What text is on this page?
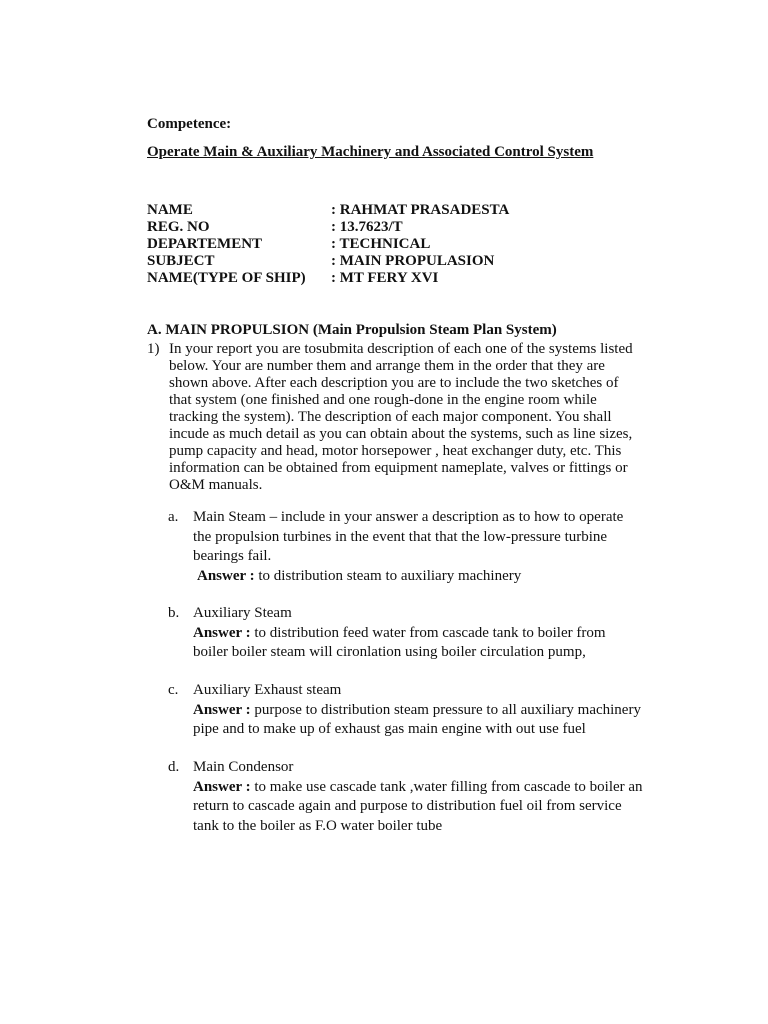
Competence:
Operate Main & Auxiliary Machinery and Associated Control System
NAME	: RAHMAT PRASADESTA
REG. NO	: 13.7623/T
DEPARTEMENT	: TECHNICAL
SUBJECT	: MAIN PROPULASION
NAME(TYPE OF SHIP) : MT FERY XVI
A. MAIN PROPULSION (Main Propulsion Steam Plan System)
1) In your report you are tosubmita description of each one of the systems listed
below. Your are number them and arrange them in the order that they are
shown above. After each description you are to include the two sketches of
that system (one finished and one rough-done in the engine room while
tracking the system). The description of each major component. You shall
incude as much detail as you can obtain about the systems, such as line sizes,
pump capacity and head, motor horsepower , heat exchanger duty, etc. This
information can be obtained from equipment nameplate, valves or fittings or
O&M manuals.
a. Main Steam – include in your answer a description as to how to operate
the propulsion turbines in the event that that the low-pressure turbine
bearings fail.
Answer : to distribution steam to auxiliary machinery
b. Auxiliary Steam
Answer : to distribution feed water from cascade tank to boiler from
boiler boiler steam will cironlation using boiler circulation pump,
c. Auxiliary Exhaust steam
Answer : purpose to distribution steam pressure to all auxiliary machinery
pipe and to make up of exhaust gas main engine with out use fuel
d. Main Condensor
Answer : to make use cascade tank ,water filling from cascade to boiler an
return to cascade again and purpose to distribution fuel oil from service
tank to the boiler as F.O water boiler tube
